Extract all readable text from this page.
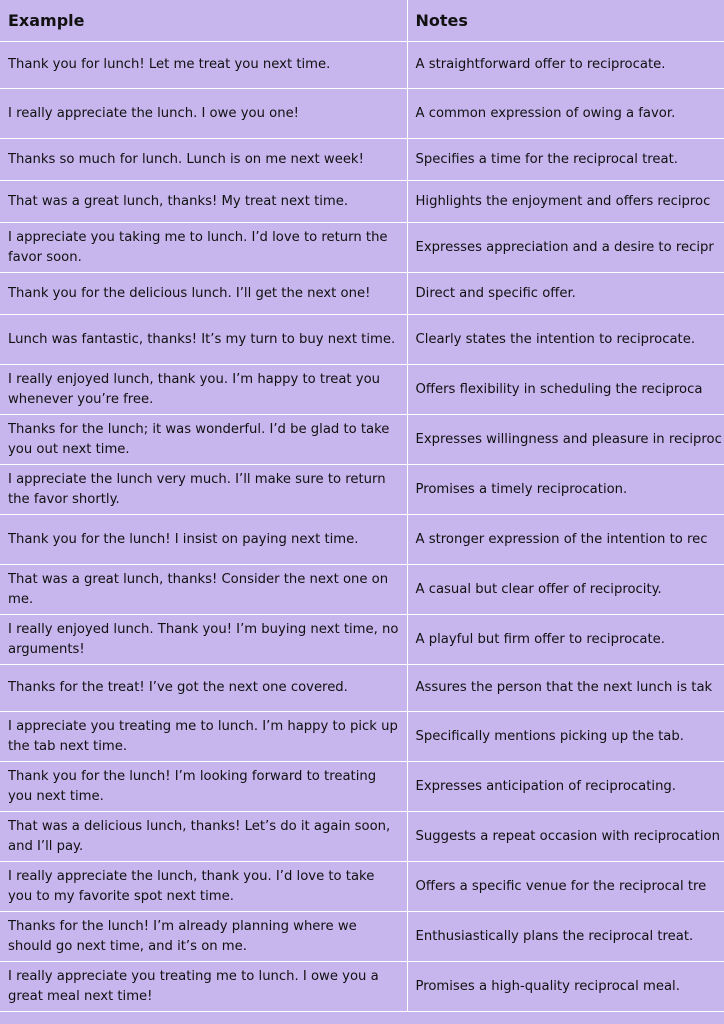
Example	Notes
Thank you for lunch! Let me treat you next time.	A straightforward offer to reciprocate.
I really appreciate the lunch. I owe you one!	A common expression of owing a favor.
Thanks so much for lunch. Lunch is on me next week!	Specifies a time for the reciprocal treat.
That was a great lunch, thanks! My treat next time.	Highlights the enjoyment and offers reciproc
I appreciate you taking me to lunch. I’d love to return the favor soon.	Expresses appreciation and a desire to recipr
Thank you for the delicious lunch. I’ll get the next one!	Direct and specific offer.
Lunch was fantastic, thanks! It’s my turn to buy next time.	Clearly states the intention to reciprocate.
I really enjoyed lunch, thank you. I’m happy to treat you whenever you’re free.	Offers flexibility in scheduling the reciproca
Thanks for the lunch; it was wonderful. I’d be glad to take you out next time.	Expresses willingness and pleasure in reciproc
I appreciate the lunch very much. I’ll make sure to return the favor shortly.	Promises a timely reciprocation.
Thank you for the lunch! I insist on paying next time.	A stronger expression of the intention to rec
That was a great lunch, thanks! Consider the next one on me.	A casual but clear offer of reciprocity.
I really enjoyed lunch. Thank you! I’m buying next time, no arguments!	A playful but firm offer to reciprocate.
Thanks for the treat! I’ve got the next one covered.	Assures the person that the next lunch is tak
I appreciate you treating me to lunch. I’m happy to pick up the tab next time.	Specifically mentions picking up the tab.
Thank you for the lunch! I’m looking forward to treating you next time.	Expresses anticipation of reciprocating.
That was a delicious lunch, thanks! Let’s do it again soon, and I’ll pay.	Suggests a repeat occasion with reciprocation
I really appreciate the lunch, thank you. I’d love to take you to my favorite spot next time.	Offers a specific venue for the reciprocal tre
Thanks for the lunch! I’m already planning where we should go next time, and it’s on me.	Enthusiastically plans the reciprocal treat.
I really appreciate you treating me to lunch. I owe you a great meal next time!	Promises a high-quality reciprocal meal.
